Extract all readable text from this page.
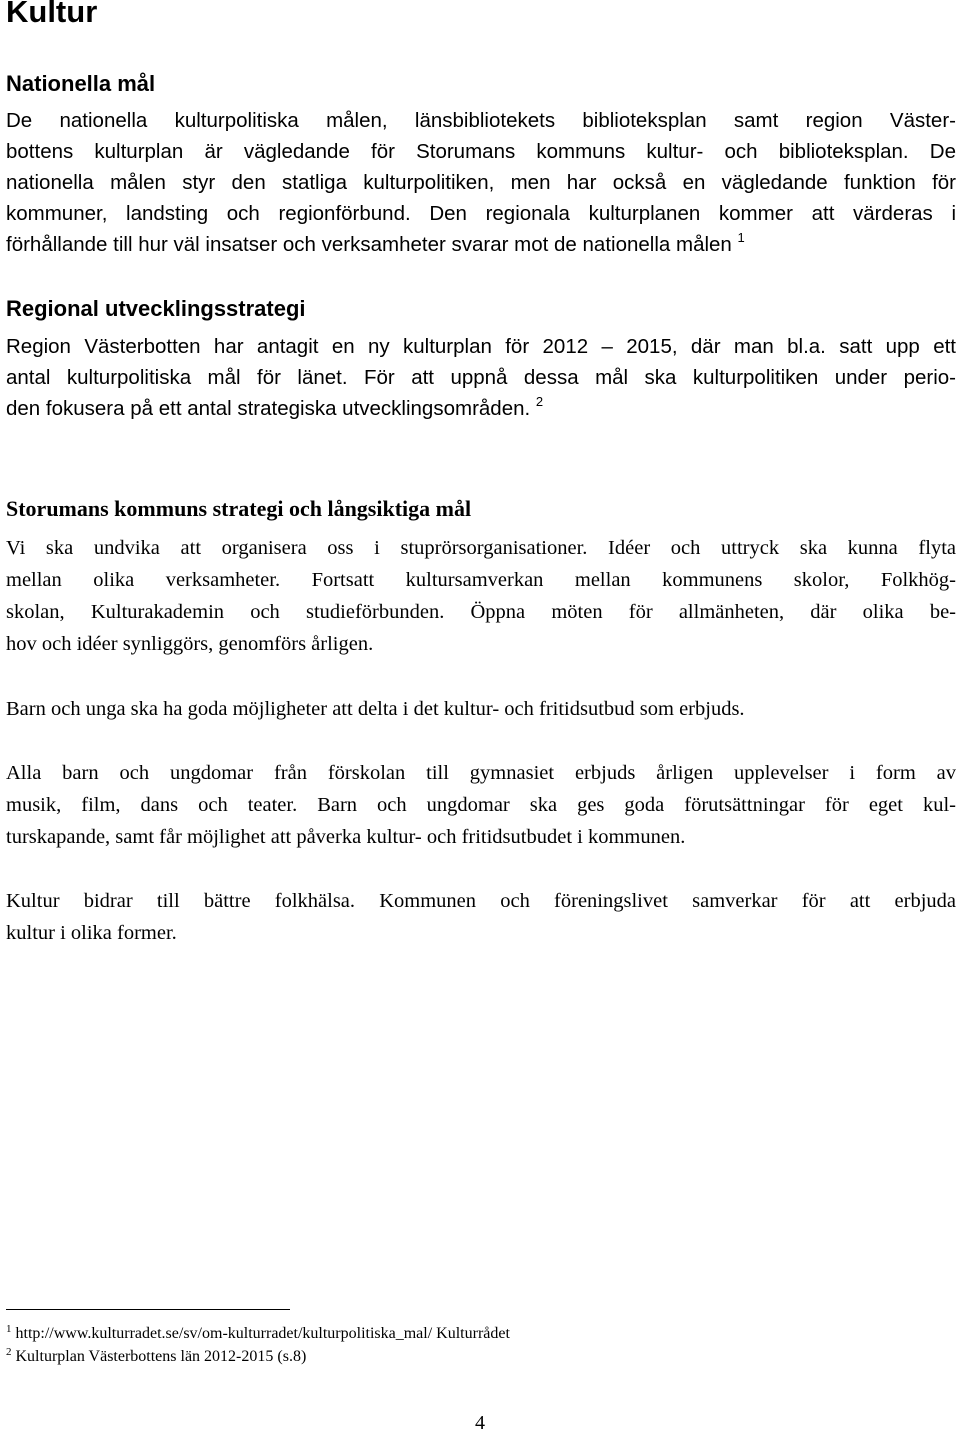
Kultur
Nationella mål
De nationella kulturpolitiska målen, länsbibliotekets biblioteksplan samt region Väster-
bottens kulturplan är vägledande för Storumans kommuns kultur- och biblioteksplan. De
nationella målen styr den statliga kulturpolitiken, men har också en vägledande funktion för
kommuner, landsting och regionförbund. Den regionala kulturplanen kommer att värderas i
förhållande till hur väl insatser och verksamheter svarar mot de nationella målen $^1$
Regional utvecklingsstrategi
Region Västerbotten har antagit en ny kulturplan för 2012 – 2015, där man bl.a. satt upp ett
antal kulturpolitiska mål för länet. För att uppnå dessa mål ska kulturpolitiken under perio-
den fokusera på ett antal strategiska utvecklingsområden. $^2$
Storumans kommuns strategi och långsiktiga mål
Vi ska undvika att organisera oss i stuprörsorganisationer. Idéer och uttryck ska kunna flyta
mellan olika verksamheter. Fortsatt kultursamverkan mellan kommunens skolor, Folkhög-
skolan, Kulturakademin och studieförbunden. Öppna möten för allmänheten, där olika be-
hov och idéer synliggörs, genomförs årligen.
Barn och unga ska ha goda möjligheter att delta i det kultur- och fritidsutbud som erbjuds.
Alla barn och ungdomar från förskolan till gymnasiet erbjuds årligen upplevelser i form av
musik, film, dans och teater. Barn och ungdomar ska ges goda förutsättningar för eget kul-
turskapande, samt får möjlighet att påverka kultur- och fritidsutbudet i kommunen.
Kultur bidrar till bättre folkhälsa. Kommunen och föreningslivet samverkar för att erbjuda
kultur i olika former.
$^1$ http://www.kulturradet.se/sv/om-kulturradet/kulturpolitiska_mal/ Kulturrådet
$^2$ Kulturplan Västerbottens län 2012-2015 (s.8)

4
